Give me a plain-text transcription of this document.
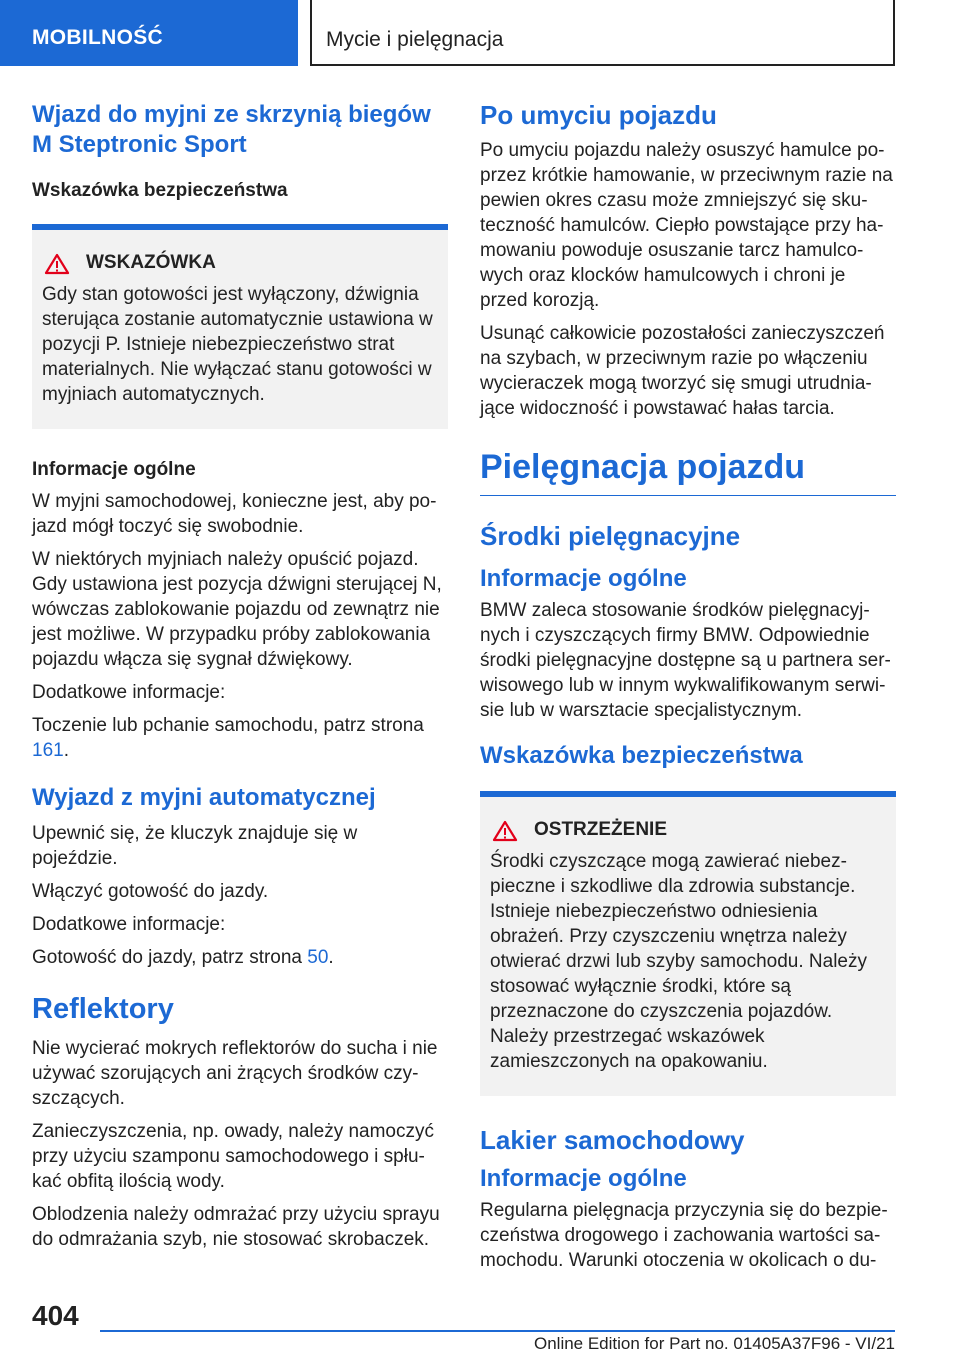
MOBILNOŚĆ	Mycie i pielęgnacja
Wjazd do myjni ze skrzynią biegów M Steptronic Sport
Wskazówka bezpieczeństwa
WSKAZÓWKA

Gdy stan gotowości jest wyłączony, dźwignia sterująca zostanie automatycznie ustawiona w pozycji P. Istnieje niebezpieczeństwo strat materialnych. Nie wyłączać stanu gotowości w myjniach automatycznych.

Informacje ogólne

W myjni samochodowej, konieczne jest, aby pojazd mógł toczyć się swobodnie.

W niektórych myjniach należy opuścić pojazd. Gdy ustawiona jest pozycja dźwigni sterującej N, wówczas zablokowanie pojazdu od zewnątrz nie jest możliwe. W przypadku próby zablokowania pojazdu włącza się sygnał dźwiękowy.

Dodatkowe informacje:

Toczenie lub pchanie samochodu, patrz strona 161.

Wyjazd z myjni automatycznej

Upewnić się, że kluczyk znajduje się w pojeździe.

Włączyć gotowość do jazdy.

Dodatkowe informacje:

Gotowość do jazdy, patrz strona 50.

Reflektory

Nie wycierać mokrych reflektorów do sucha i nie używać szorujących ani żrących środków czyszczących.

Zanieczyszczenia, np. owady, należy namoczyć przy użyciu szamponu samochodowego i spłukać obfitą ilością wody.

Oblodzenia należy odmrażać przy użyciu sprayu do odmrażania szyb, nie stosować skrobaczek.

Po umyciu pojazdu

Po umyciu pojazdu należy osuszyć hamulce poprzez krótkie hamowanie, w przeciwnym razie na pewien okres czasu może zmniejszyć się skuteczność hamulców. Ciepło powstające przy hamowaniu powoduje osuszanie tarcz hamulcowych oraz klocków hamulcowych i chroni je przed korozją.

Usunąć całkowicie pozostałości zanieczyszczeń na szybach, w przeciwnym razie po włączeniu wycieraczek mogą tworzyć się smugi utrudniające widoczność i powstawać hałas tarcia.

Pielęgnacja pojazdu
Środki pielęgnacyjne
Informacje ogólne

BMW zaleca stosowanie środków pielęgnacyjnych i czyszczących firmy BMW. Odpowiednie środki pielęgnacyjne dostępne są u partnera serwisowego lub w innym wykwalifikowanym serwisie lub w warsztacie specjalistycznym.

Wskazówka bezpieczeństwa
OSTRZEŻENIE

Środki czyszczące mogą zawierać niebezpieczne i szkodliwe dla zdrowia substancje. Istnieje niebezpieczeństwo odniesienia obrażeń. Przy czyszczeniu wnętrza należy otwierać drzwi lub szyby samochodu. Należy stosować wyłącznie środki, które są przeznaczone do czyszczenia pojazdów. Należy przestrzegać wskazówek zamieszczonych na opakowaniu.

Lakier samochodowy
Informacje ogólne

Regularna pielęgnacja przyczynia się do bezpieczeństwa drogowego i zachowania wartości samochodu. Warunki otoczenia w okolicach o du-

404
Online Edition for Part no. 01405A37F96 - VI/21
